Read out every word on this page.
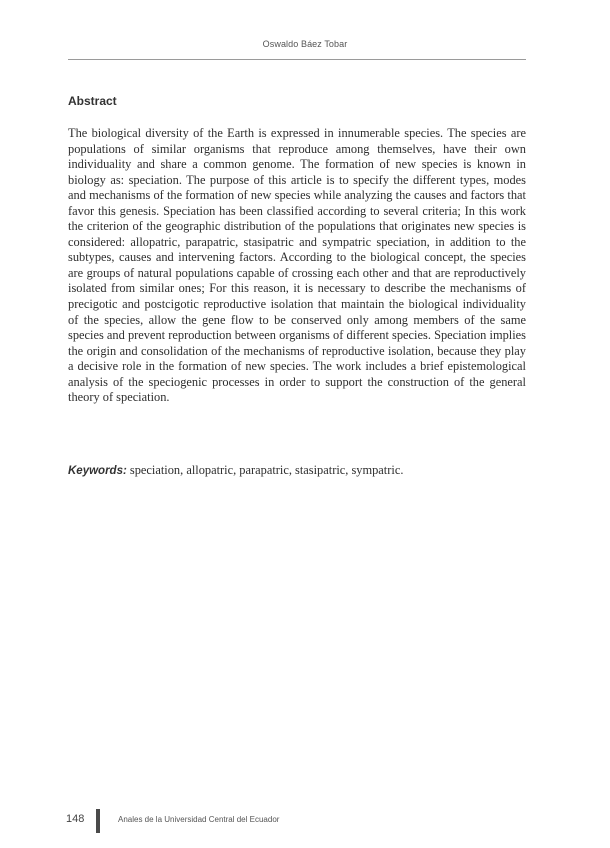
Oswaldo Báez Tobar
Abstract

The biological diversity of the Earth is expressed in innumerable species. The species are populations of similar organisms that reproduce among themselves, have their own individuality and share a common genome. The formation of new species is known in biology as: speciation. The purpose of this article is to specify the different types, modes and mechanisms of the formation of new species while analyzing the causes and factors that favor this genesis. Speciation has been classified according to several criteria; In this work the criterion of the geographic distribution of the populations that originates new species is considered: allopatric, parapatric, stasipatric and sympatric speciation, in addition to the subtypes, causes and intervening factors. According to the biological concept, the species are groups of natural populations capable of crossing each other and that are reproductively isolated from similar ones; For this reason, it is necessary to describe the mechanisms of precigotic and postcigotic reproductive isolation that maintain the biological individuality of the species, allow the gene flow to be conserved only among members of the same species and prevent reproduction between organisms of different species. Speciation implies the origin and consolidation of the mechanisms of reproductive isolation, because they play a decisive role in the formation of new species. The work includes a brief epistemological analysis of the speciogenic processes in order to support the construction of the general theory of speciation.

Keywords: speciation, allopatric, parapatric, stasipatric, sympatric.

148	Anales de la Universidad Central del Ecuador
